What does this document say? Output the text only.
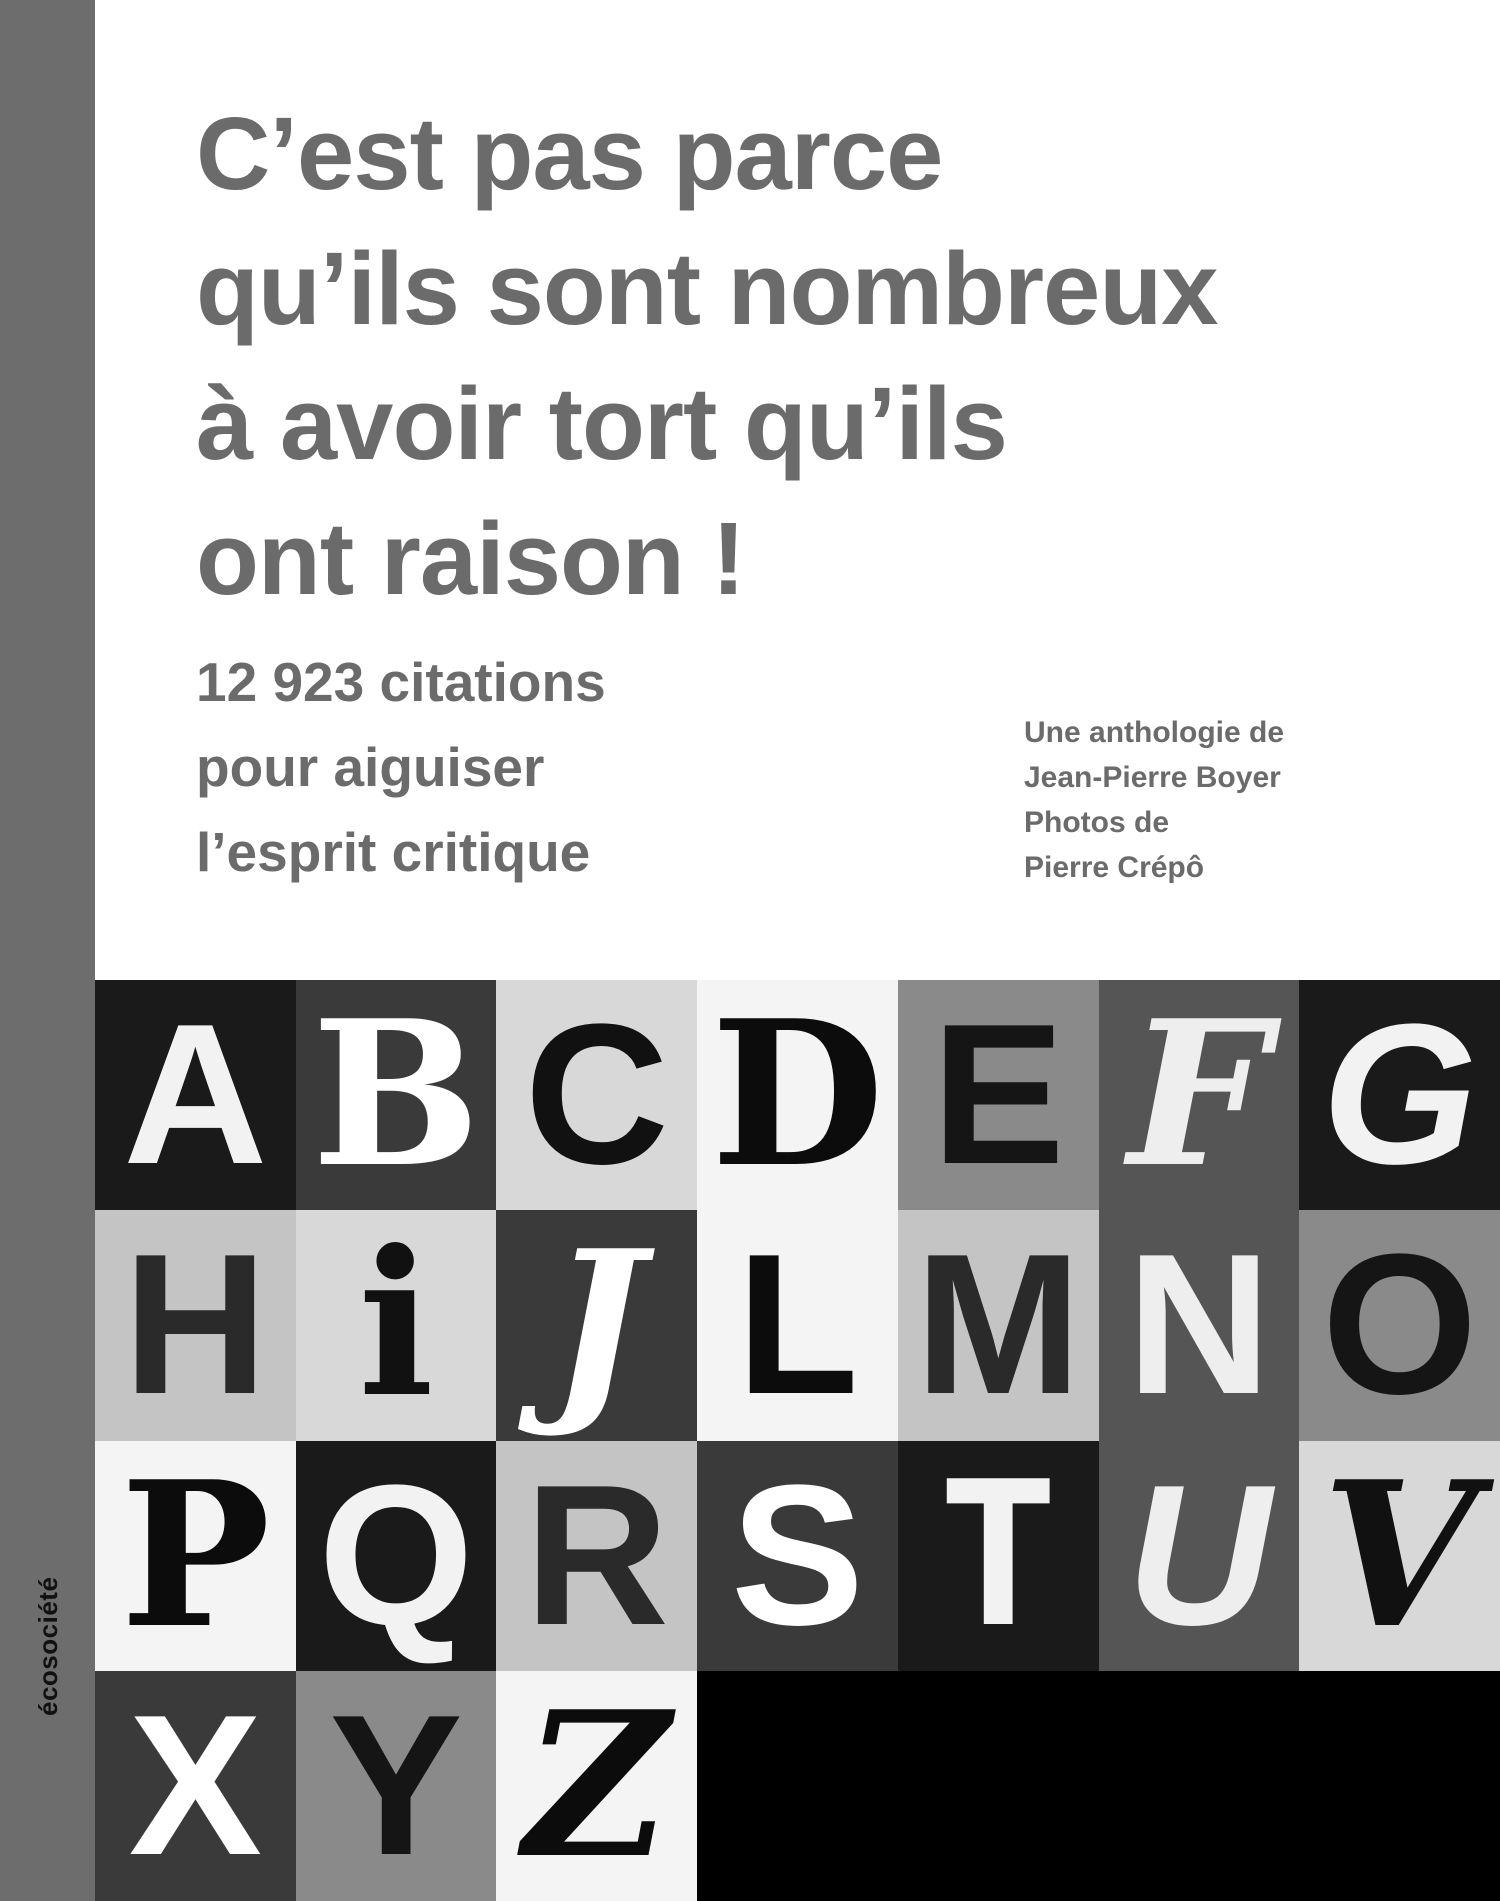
écosociété
C’est pas parce
qu’ils sont nombreux
à avoir tort qu’ils
ont raison !
12 923 citations
pour aiguiser
l’esprit critique
Une anthologie de
Jean-Pierre Boyer
Photos de
Pierre Crépô
A B C D E F G
H i J L M N O
P Q R S T U V
X Y Z
